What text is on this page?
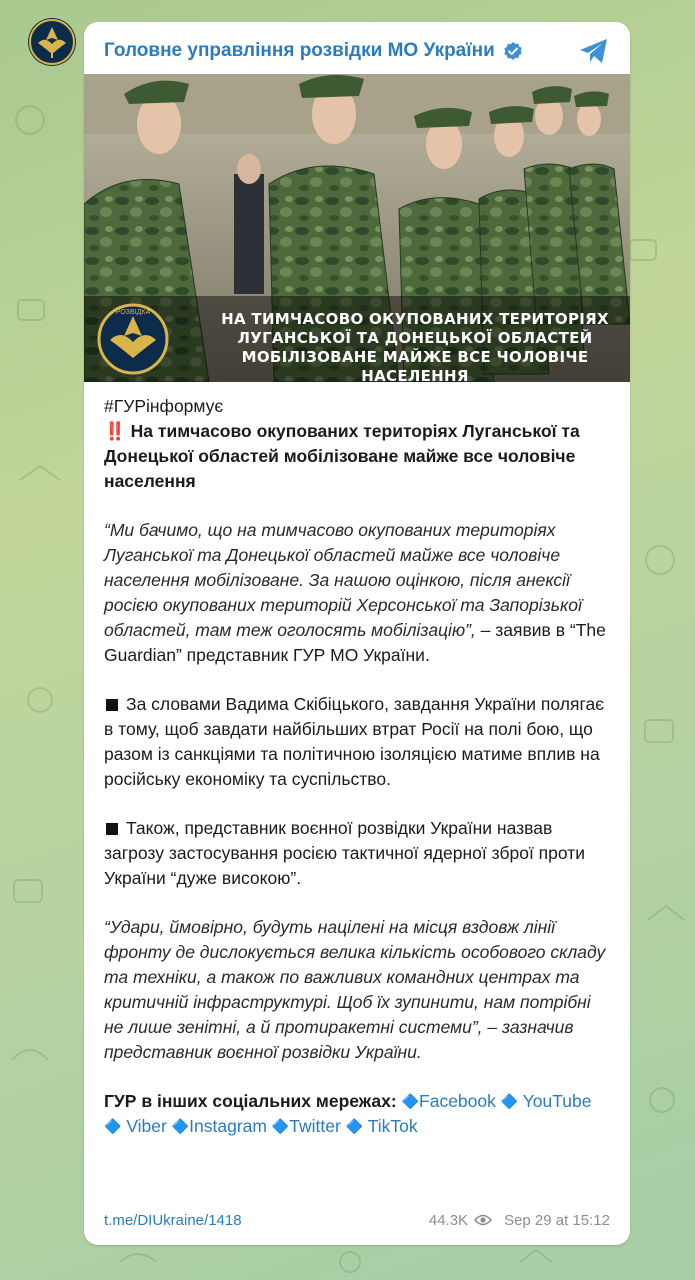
Головне управління розвідки МО України
РОЗВІДКА	НА ТИМЧАСОВО ОКУПОВАНИХ ТЕРИТОРІЯХ
ЛУГАНСЬКОЇ ТА ДОНЕЦЬКОЇ ОБЛАСТЕЙ
МОБІЛІЗОВАНЕ МАЙЖЕ ВСЕ ЧОЛОВІЧЕ НАСЕЛЕННЯ

#ГУРінформує

‼️ На тимчасово окупованих територіях Луганської та Донецької областей мобілізоване майже все чоловіче населення

“Ми бачимо, що на тимчасово окупованих територіях Луганської та Донецької областей майже все чоловіче населення мобілізоване. За нашою оцінкою, після анексії росією окупованих територій Херсонської та Запорізької областей, там теж оголосять мобілізацію”, – заявив в “The Guardian” представник ГУР МО України.

За словами Вадима Скібіцького, завдання України полягає в тому, щоб завдати найбільших втрат Росії на полі бою, що разом із санкціями та політичною ізоляцією матиме вплив на російську економіку та суспільство.

Також, представник воєнної розвідки України назвав загрозу застосування росією тактичної ядерної зброї проти України “дуже високою”.

“Удари, ймовірно, будуть націлені на місця вздовж лінії фронту де дислокується велика кількість особового складу та техніки, а також по важливих командних центрах та критичній інфраструктурі. Щоб їх зупинити, нам потрібні не лише зенітні, а й протиракетні системи”, – зазначив представник воєнної розвідки України.

ГУР в інших соціальних мережах: 🔷Facebook 🔷 YouTube 🔷 Viber 🔷Instagram 🔷Twitter 🔷 TikTok

t.me/DIUkraine/1418	44.3K Sep 29 at 15:12
